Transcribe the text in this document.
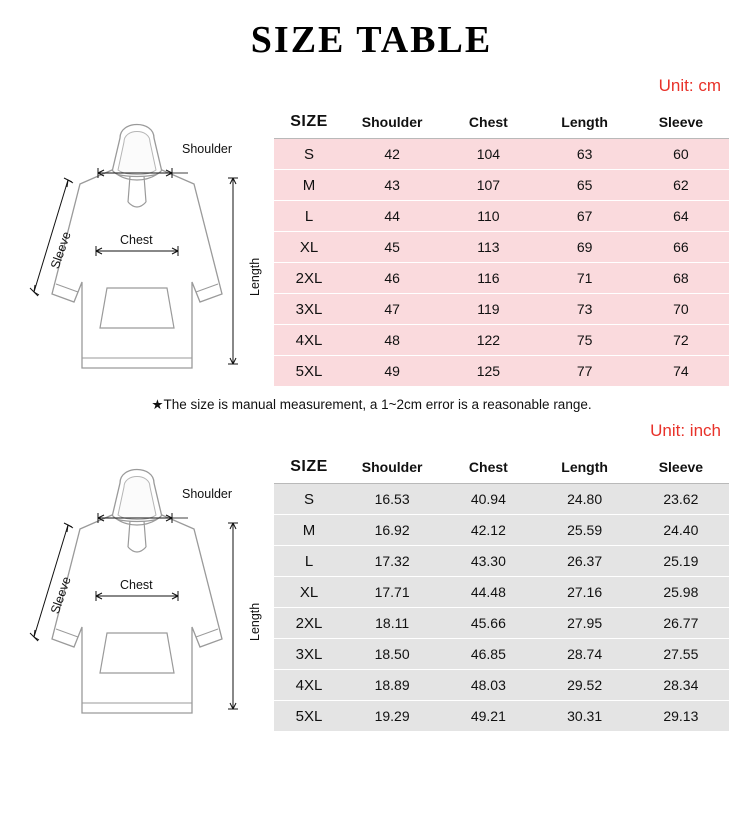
SIZE TABLE
Unit: cm
Shoulder
Chest
Length
Sleeve
SIZE	Shoulder	Chest	Length	Sleeve
S	42	104	63	60
M	43	107	65	62
L	44	110	67	64
XL	45	113	69	66
2XL	46	116	71	68
3XL	47	119	73	70
4XL	48	122	75	72
5XL	49	125	77	74

★The size is manual measurement, a 1~2cm error is a reasonable range.

Unit: inch
Shoulder
Chest
Length
Sleeve
SIZE	Shoulder	Chest	Length	Sleeve
S	16.53	40.94	24.80	23.62
M	16.92	42.12	25.59	24.40
L	17.32	43.30	26.37	25.19
XL	17.71	44.48	27.16	25.98
2XL	18.11	45.66	27.95	26.77
3XL	18.50	46.85	28.74	27.55
4XL	18.89	48.03	29.52	28.34
5XL	19.29	49.21	30.31	29.13
